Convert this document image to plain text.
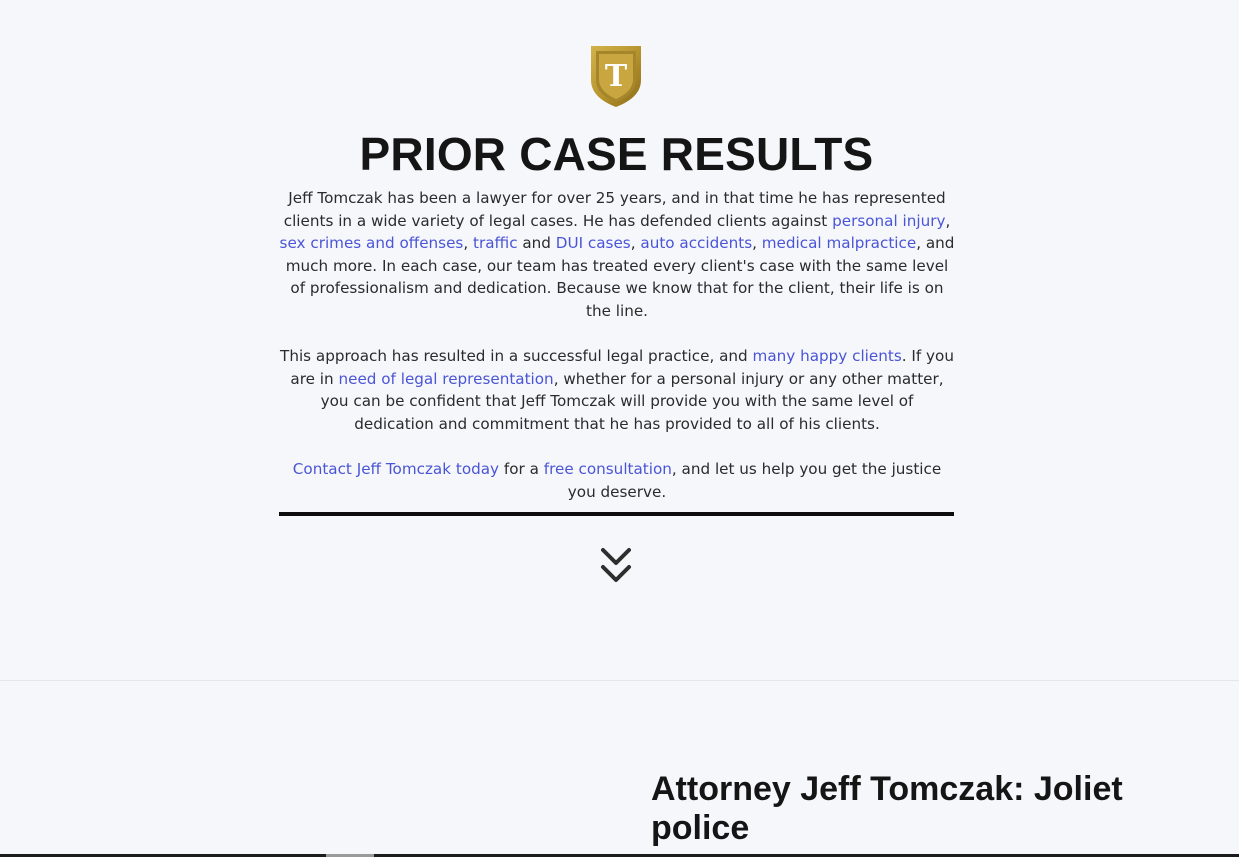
T
PRIOR CASE RESULTS

Jeff Tomczak has been a lawyer for over 25 years, and in that time he has represented clients in a wide variety of legal cases. He has defended clients against personal injury, sex crimes and offenses, traffic and DUI cases, auto accidents, medical malpractice, and much more. In each case, our team has treated every client's case with the same level of professionalism and dedication. Because we know that for the client, their life is on the line.

This approach has resulted in a successful legal practice, and many happy clients. If you are in need of legal representation, whether for a personal injury or any other matter, you can be confident that Jeff Tomczak will provide you with the same level of dedication and commitment that he has provided to all of his clients.

Contact Jeff Tomczak today for a free consultation, and let us help you get the justice you deserve.

Attorney Jeff Tomczak: Joliet police
